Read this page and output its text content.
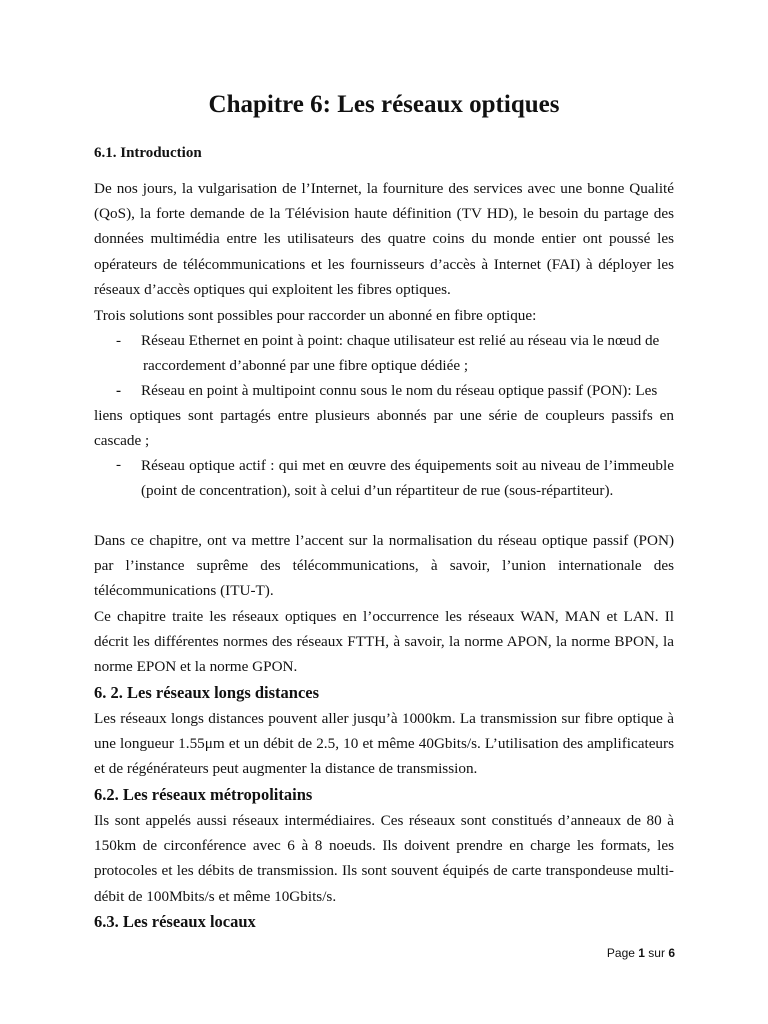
Chapitre 6: Les réseaux optiques
6.1. Introduction

De nos jours, la vulgarisation de l’Internet, la fourniture des services avec une bonne Qualité (QoS), la forte demande de la Télévision haute définition (TV HD), le besoin du partage des données multimédia entre les utilisateurs des quatre coins du monde entier ont poussé les opérateurs de télécommunications et les fournisseurs d’accès à Internet (FAI) à déployer les réseaux d’accès optiques qui exploitent les fibres optiques.

Trois solutions sont possibles pour raccorder un abonné en fibre optique:

- Réseau Ethernet en point à point: chaque utilisateur est relié au réseau via le nœud de

raccordement d’abonné par une fibre optique dédiée ;

- Réseau en point à multipoint connu sous le nom du réseau optique passif (PON): Les

liens optiques sont partagés entre plusieurs abonnés par une série de coupleurs passifs en cascade ;

- Réseau optique actif : qui met en œuvre des équipements soit au niveau de l’immeuble (point de concentration), soit à celui d’un répartiteur de rue (sous-répartiteur).

Dans ce chapitre, ont va mettre l’accent sur la normalisation du réseau optique passif (PON) par l’instance suprême des télécommunications, à savoir, l’union internationale des télécommunications (ITU-T).

Ce chapitre traite les réseaux optiques en l’occurrence les réseaux WAN, MAN et LAN. Il décrit les différentes normes des réseaux FTTH, à savoir, la norme APON, la norme BPON, la norme EPON et la norme GPON.

6. 2. Les réseaux longs distances

Les réseaux longs distances pouvent aller jusqu’à 1000km. La transmission sur fibre optique à une longueur 1.55μm et un débit de 2.5, 10 et même 40Gbits/s. L’utilisation des amplificateurs et de régénérateurs peut augmenter la distance de transmission.

6.2. Les réseaux métropolitains

Ils sont appelés aussi réseaux intermédiaires. Ces réseaux sont constitués d’anneaux de 80 à 150km de circonférence avec 6 à 8 noeuds. Ils doivent prendre en charge les formats, les protocoles et les débits de transmission. Ils sont souvent équipés de carte transpondeuse multi-débit de 100Mbits/s et même 10Gbits/s.

6.3. Les réseaux locaux
Page 1 sur 6
